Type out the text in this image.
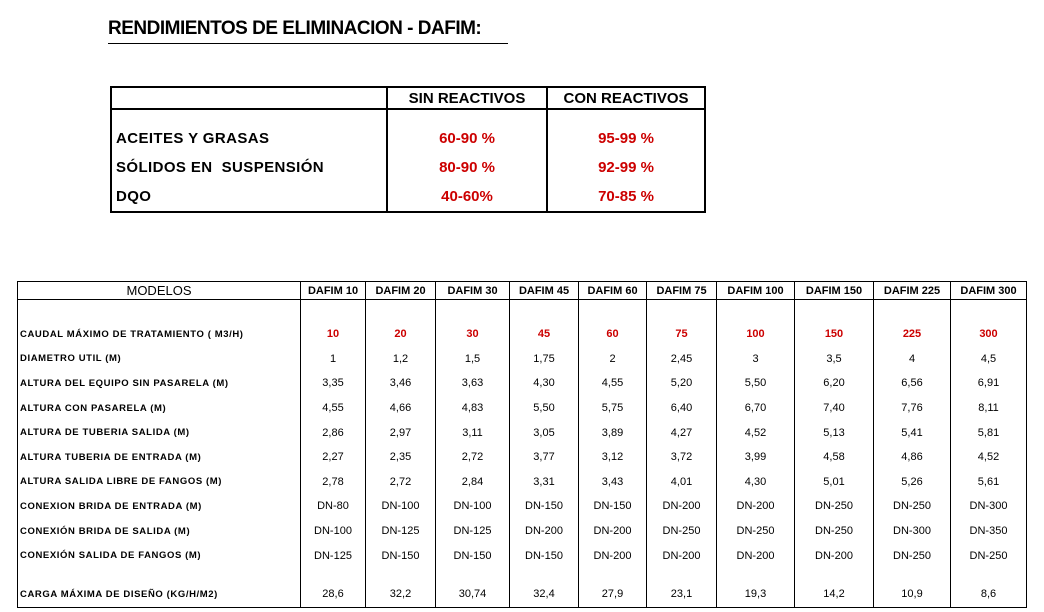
RENDIMIENTOS DE ELIMINACION - DAFIM:
	SIN REACTIVOS	CON REACTIVOS

ACEITES Y GRASAS	60-90 %	95-99 %
SÓLIDOS EN  SUSPENSIÓN	80-90 %	92-99 %
DQO	40-60%	70-85 %
MODELOS	DAFIM 10	DAFIM 20	DAFIM 30	DAFIM 45	DAFIM 60	DAFIM 75	DAFIM 100	DAFIM 150	DAFIM 225	DAFIM 300

CAUDAL MÁXIMO DE TRATAMIENTO ( M3/H)	10	20	30	45	60	75	100	150	225	300
DIAMETRO UTIL (M)	1	1,2	1,5	1,75	2	2,45	3	3,5	4	4,5
ALTURA DEL EQUIPO SIN PASARELA (M)	3,35	3,46	3,63	4,30	4,55	5,20	5,50	6,20	6,56	6,91
ALTURA CON PASARELA (M)	4,55	4,66	4,83	5,50	5,75	6,40	6,70	7,40	7,76	8,11
ALTURA DE TUBERIA SALIDA (M)	2,86	2,97	3,11	3,05	3,89	4,27	4,52	5,13	5,41	5,81
ALTURA TUBERIA DE ENTRADA (M)	2,27	2,35	2,72	3,77	3,12	3,72	3,99	4,58	4,86	4,52
ALTURA SALIDA LIBRE DE FANGOS (M)	2,78	2,72	2,84	3,31	3,43	4,01	4,30	5,01	5,26	5,61
CONEXION BRIDA DE ENTRADA (M)	DN-80	DN-100	DN-100	DN-150	DN-150	DN-200	DN-200	DN-250	DN-250	DN-300
CONEXIÓN BRIDA DE SALIDA (M)	DN-100	DN-125	DN-125	DN-200	DN-200	DN-250	DN-250	DN-250	DN-300	DN-350
CONEXIÓN SALIDA DE FANGOS (M)	DN-125	DN-150	DN-150	DN-150	DN-200	DN-200	DN-200	DN-200	DN-250	DN-250

CARGA MÁXIMA DE DISEÑO (KG/H/M2)	28,6	32,2	30,74	32,4	27,9	23,1	19,3	14,2	10,9	8,6
